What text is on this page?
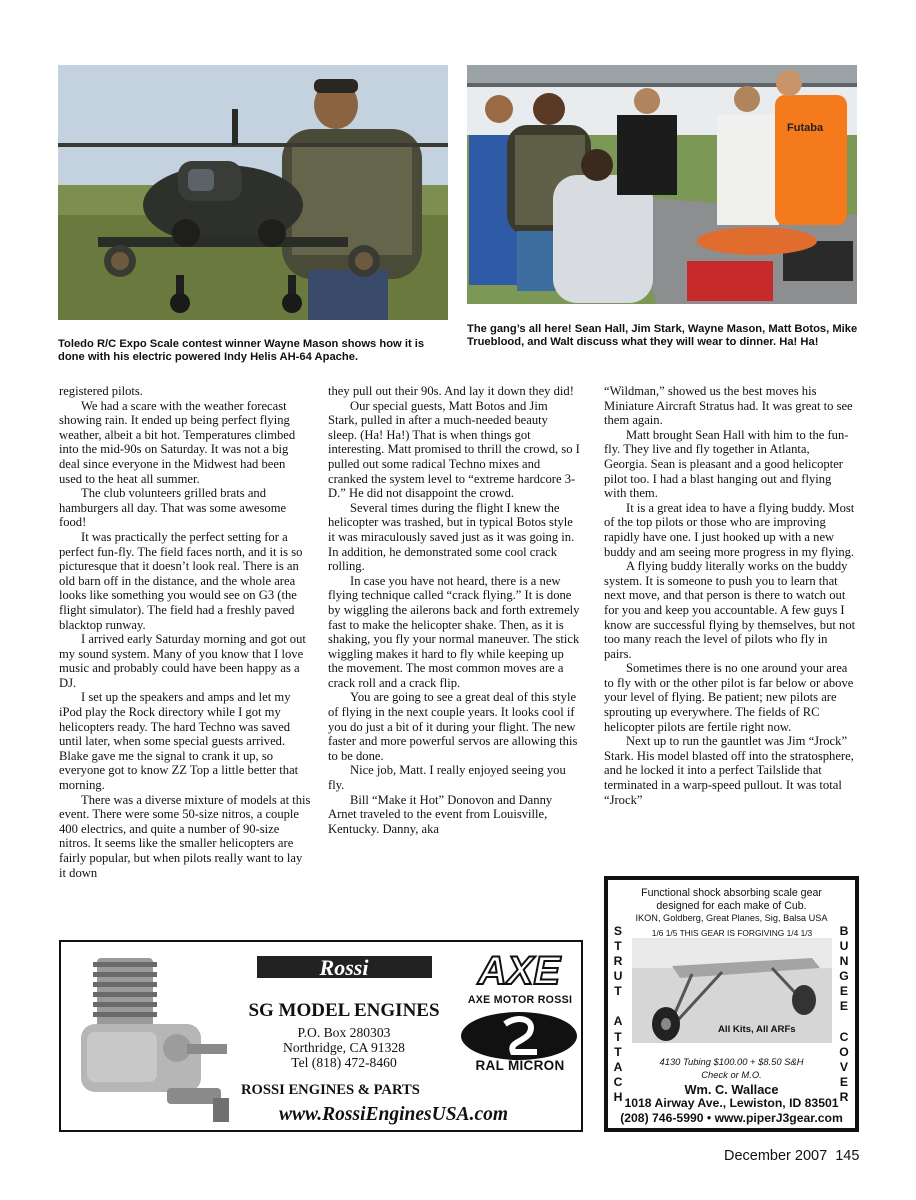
Futaba
Toledo R/C Expo Scale contest winner Wayne Mason shows how it is done with his electric powered Indy Helis AH-64 Apache.
The gang’s all here! Sean Hall, Jim Stark, Wayne Mason, Matt Botos, Mike Trueblood, and Walt discuss what they will wear to dinner. Ha! Ha!

registered pilots.

We had a scare with the weather forecast showing rain. It ended up being perfect flying weather, albeit a bit hot. Temperatures climbed into the mid-90s on Saturday. It was not a big deal since everyone in the Midwest had been used to the heat all summer.

The club volunteers grilled brats and hamburgers all day. That was some awesome food!

It was practically the perfect setting for a perfect fun-fly. The field faces north, and it is so picturesque that it doesn’t look real. There is an old barn off in the distance, and the whole area looks like something you would see on G3 (the flight simulator). The field had a freshly paved blacktop runway.

I arrived early Saturday morning and got out my sound system. Many of you know that I love music and probably could have been happy as a DJ.

I set up the speakers and amps and let my iPod play the Rock directory while I got my helicopters ready. The hard Techno was saved until later, when some special guests arrived. Blake gave me the signal to crank it up, so everyone got to know ZZ Top a little better that morning.

There was a diverse mixture of models at this event. There were some 50-size nitros, a couple 400 electrics, and quite a number of 90-size nitros. It seems like the smaller helicopters are fairly popular, but when pilots really want to lay it down

they pull out their 90s. And lay it down they did!

Our special guests, Matt Botos and Jim Stark, pulled in after a much-needed beauty sleep. (Ha! Ha!) That is when things got interesting. Matt promised to thrill the crowd, so I pulled out some radical Techno mixes and cranked the system level to “extreme hardcore 3-D.” He did not disappoint the crowd.

Several times during the flight I knew the helicopter was trashed, but in typical Botos style it was miraculously saved just as it was going in. In addition, he demonstrated some cool crack rolling.

In case you have not heard, there is a new flying technique called “crack flying.” It is done by wiggling the ailerons back and forth extremely fast to make the helicopter shake. Then, as it is shaking, you fly your normal maneuver. The stick wiggling makes it hard to fly while keeping up the movement. The most common moves are a crack roll and a crack flip.

You are going to see a great deal of this style of flying in the next couple years. It looks cool if you do just a bit of it during your flight. The new faster and more powerful servos are allowing this to be done.

Nice job, Matt. I really enjoyed seeing you fly.

Bill “Make it Hot” Donovon and Danny Arnet traveled to the event from Louisville, Kentucky. Danny, aka

“Wildman,” showed us the best moves his Miniature Aircraft Stratus had. It was great to see them again.

Matt brought Sean Hall with him to the fun-fly. They live and fly together in Atlanta, Georgia. Sean is pleasant and a good helicopter pilot too. I had a blast hanging out and flying with them.

It is a great idea to have a flying buddy. Most of the top pilots or those who are improving rapidly have one. I just hooked up with a new buddy and am seeing more progress in my flying.

A flying buddy literally works on the buddy system. It is someone to push you to learn that next move, and that person is there to watch out for you and keep you accountable. A few guys I know are successful flying by themselves, but not too many reach the level of pilots who fly in pairs.

Sometimes there is no one around your area to fly with or the other pilot is far below or above your level of flying. Be patient; new pilots are sprouting up everywhere. The fields of RC helicopter pilots are fertile right now.

Next up to run the gauntlet was Jim “Jrock” Stark. His model blasted off into the stratosphere, and he locked it into a perfect Tailslide that terminated in a warp-speed pullout. It was total “Jrock”

Functional shock absorbing scale gear
designed for each make of Cub.
IKON, Goldberg, Great Planes, Sig, Balsa USA
1/6 1/5 THIS GEAR IS FORGIVING 1/4 1/3
S
T
R
U
T
A
T
T
A
C
H
B
U
N
G
E
E
C
O
V
E
R
All Kits, All ARFs
4130 Tubing $100.00 + $8.50 S&H
Check or M.O.
Wm. C. Wallace
1018 Airway Ave., Lewiston, ID 83501
(208) 746-5990 • www.piperJ3gear.com
Rossi
SG MODEL ENGINES
P.O. Box 280303
Northridge, CA 91328
Tel (818) 472-8460
ROSSI ENGINES & PARTS
www.RossiEnginesUSA.com
AXE
AXE MOTOR ROSSI
RAL MICRON
December 2007 145
